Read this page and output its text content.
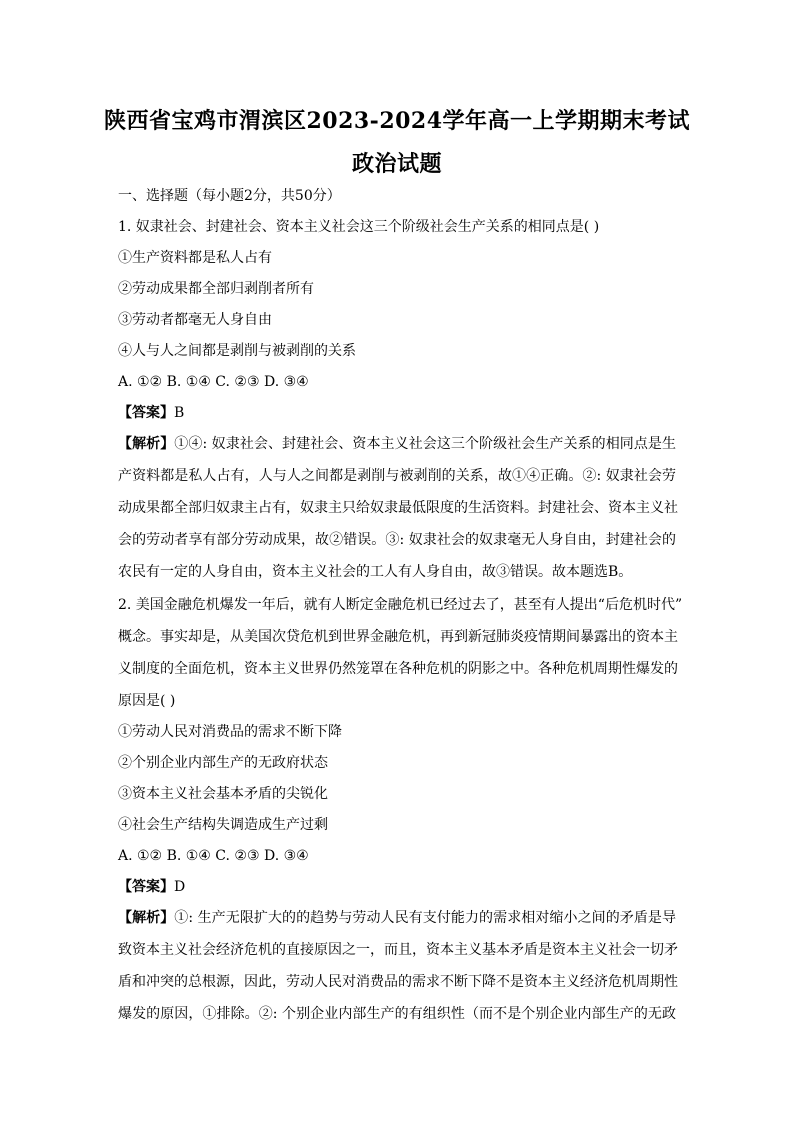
陕西省宝鸡市渭滨区2023-2024学年高一上学期期末考试
政治试题
一、选择题（每小题2分，共50分）
1. 奴隶社会、封建社会、资本主义社会这三个阶级社会生产关系的相同点是( )
①生产资料都是私人占有
②劳动成果都全部归剥削者所有
③劳动者都毫无人身自由
④人与人之间都是剥削与被剥削的关系
A. ①② B. ①④ C. ②③ D. ③④
【答案】B
【解析】①④: 奴隶社会、封建社会、资本主义社会这三个阶级社会生产关系的相同点是生
产资料都是私人占有，人与人之间都是剥削与被剥削的关系，故①④正确。②: 奴隶社会劳
动成果都全部归奴隶主占有，奴隶主只给奴隶最低限度的生活资料。封建社会、资本主义社
会的劳动者享有部分劳动成果，故②错误。③: 奴隶社会的奴隶毫无人身自由，封建社会的
农民有一定的人身自由，资本主义社会的工人有人身自由，故③错误。故本题选B。
2. 美国金融危机爆发一年后，就有人断定金融危机已经过去了，甚至有人提出“后危机时代”
概念。事实却是，从美国次贷危机到世界金融危机，再到新冠肺炎疫情期间暴露出的资本主
义制度的全面危机，资本主义世界仍然笼罩在各种危机的阴影之中。各种危机周期性爆发的
原因是( )
①劳动人民对消费品的需求不断下降
②个别企业内部生产的无政府状态
③资本主义社会基本矛盾的尖锐化
④社会生产结构失调造成生产过剩
A. ①② B. ①④ C. ②③ D. ③④
【答案】D
【解析】①: 生产无限扩大的的趋势与劳动人民有支付能力的需求相对缩小之间的矛盾是导
致资本主义社会经济危机的直接原因之一，而且，资本主义基本矛盾是资本主义社会一切矛
盾和冲突的总根源，因此，劳动人民对消费品的需求不断下降不是资本主义经济危机周期性
爆发的原因，①排除。②: 个别企业内部生产的有组织性（而不是个别企业内部生产的无政
